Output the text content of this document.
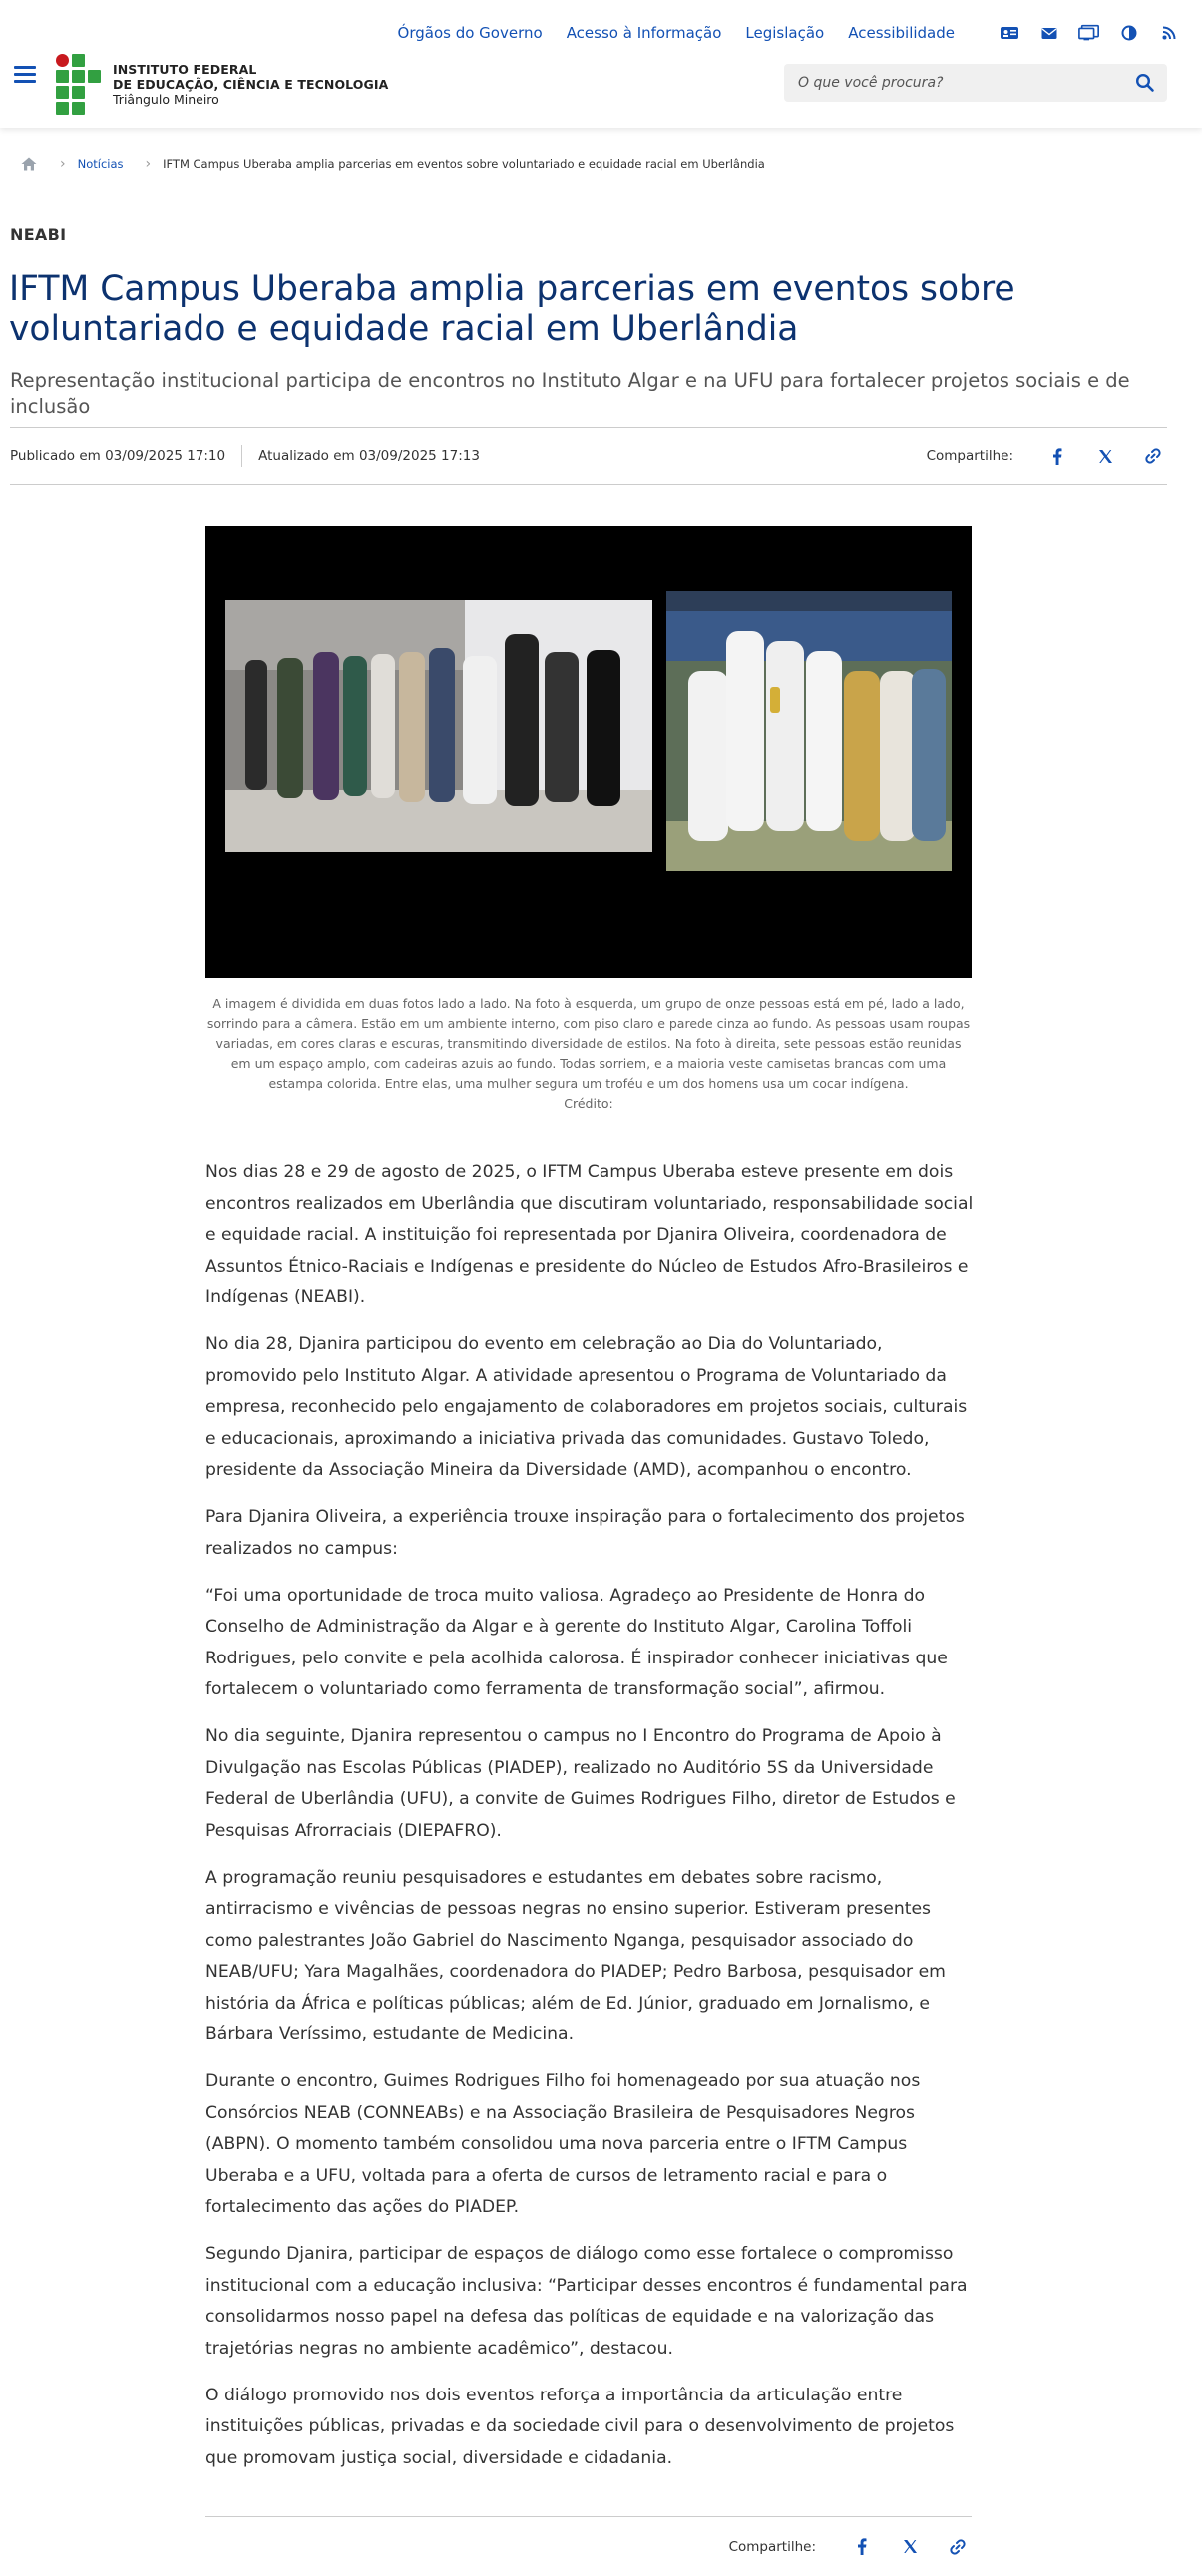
Órgãos do Governo Acesso à Informação Legislação Acessibilidade
INSTITUTO FEDERAL
DE EDUCAÇÃO, CIÊNCIA E TECNOLOGIA
Triângulo Mineiro
O que você procura?
› Notícias › IFTM Campus Uberaba amplia parcerias em eventos sobre voluntariado e equidade racial em Uberlândia
NEABI
IFTM Campus Uberaba amplia parcerias em eventos sobre voluntariado e equidade racial em Uberlândia

Representação institucional participa de encontros no Instituto Algar e na UFU para fortalecer projetos sociais e de inclusão

Publicado em 03/09/2025 17:10 Atualizado em 03/09/2025 17:13	Compartilhe:
A imagem é dividida em duas fotos lado a lado. Na foto à esquerda, um grupo de onze pessoas está em pé, lado a lado, sorrindo para a câmera. Estão em um ambiente interno, com piso claro e parede cinza ao fundo. As pessoas usam roupas variadas, em cores claras e escuras, transmitindo diversidade de estilos. Na foto à direita, sete pessoas estão reunidas em um espaço amplo, com cadeiras azuis ao fundo. Todas sorriem, e a maioria veste camisetas brancas com uma estampa colorida. Entre elas, uma mulher segura um troféu e um dos homens usa um cocar indígena.
Crédito:

Nos dias 28 e 29 de agosto de 2025, o IFTM Campus Uberaba esteve presente em dois encontros realizados em Uberlândia que discutiram voluntariado, responsabilidade social e equidade racial. A instituição foi representada por Djanira Oliveira, coordenadora de Assuntos Étnico-Raciais e Indígenas e presidente do Núcleo de Estudos Afro-Brasileiros e Indígenas (NEABI).

No dia 28, Djanira participou do evento em celebração ao Dia do Voluntariado, promovido pelo Instituto Algar. A atividade apresentou o Programa de Voluntariado da empresa, reconhecido pelo engajamento de colaboradores em projetos sociais, culturais e educacionais, aproximando a iniciativa privada das comunidades. Gustavo Toledo, presidente da Associação Mineira da Diversidade (AMD), acompanhou o encontro.

Para Djanira Oliveira, a experiência trouxe inspiração para o fortalecimento dos projetos realizados no campus:

“Foi uma oportunidade de troca muito valiosa. Agradeço ao Presidente de Honra do Conselho de Administração da Algar e à gerente do Instituto Algar, Carolina Toffoli Rodrigues, pelo convite e pela acolhida calorosa. É inspirador conhecer iniciativas que fortalecem o voluntariado como ferramenta de transformação social”, afirmou.

No dia seguinte, Djanira representou o campus no I Encontro do Programa de Apoio à Divulgação nas Escolas Públicas (PIADEP), realizado no Auditório 5S da Universidade Federal de Uberlândia (UFU), a convite de Guimes Rodrigues Filho, diretor de Estudos e Pesquisas Afrorraciais (DIEPAFRO).

A programação reuniu pesquisadores e estudantes em debates sobre racismo, antirracismo e vivências de pessoas negras no ensino superior. Estiveram presentes como palestrantes João Gabriel do Nascimento Nganga, pesquisador associado do NEAB/UFU; Yara Magalhães, coordenadora do PIADEP; Pedro Barbosa, pesquisador em história da África e políticas públicas; além de Ed. Júnior, graduado em Jornalismo, e Bárbara Veríssimo, estudante de Medicina.

Durante o encontro, Guimes Rodrigues Filho foi homenageado por sua atuação nos Consórcios NEAB (CONNEABs) e na Associação Brasileira de Pesquisadores Negros (ABPN). O momento também consolidou uma nova parceria entre o IFTM Campus Uberaba e a UFU, voltada para a oferta de cursos de letramento racial e para o fortalecimento das ações do PIADEP.

Segundo Djanira, participar de espaços de diálogo como esse fortalece o compromisso institucional com a educação inclusiva: “Participar desses encontros é fundamental para consolidarmos nosso papel na defesa das políticas de equidade e na valorização das trajetórias negras no ambiente acadêmico”, destacou.

O diálogo promovido nos dois eventos reforça a importância da articulação entre instituições públicas, privadas e da sociedade civil para o desenvolvimento de projetos que promovam justiça social, diversidade e cidadania.

Compartilhe:
